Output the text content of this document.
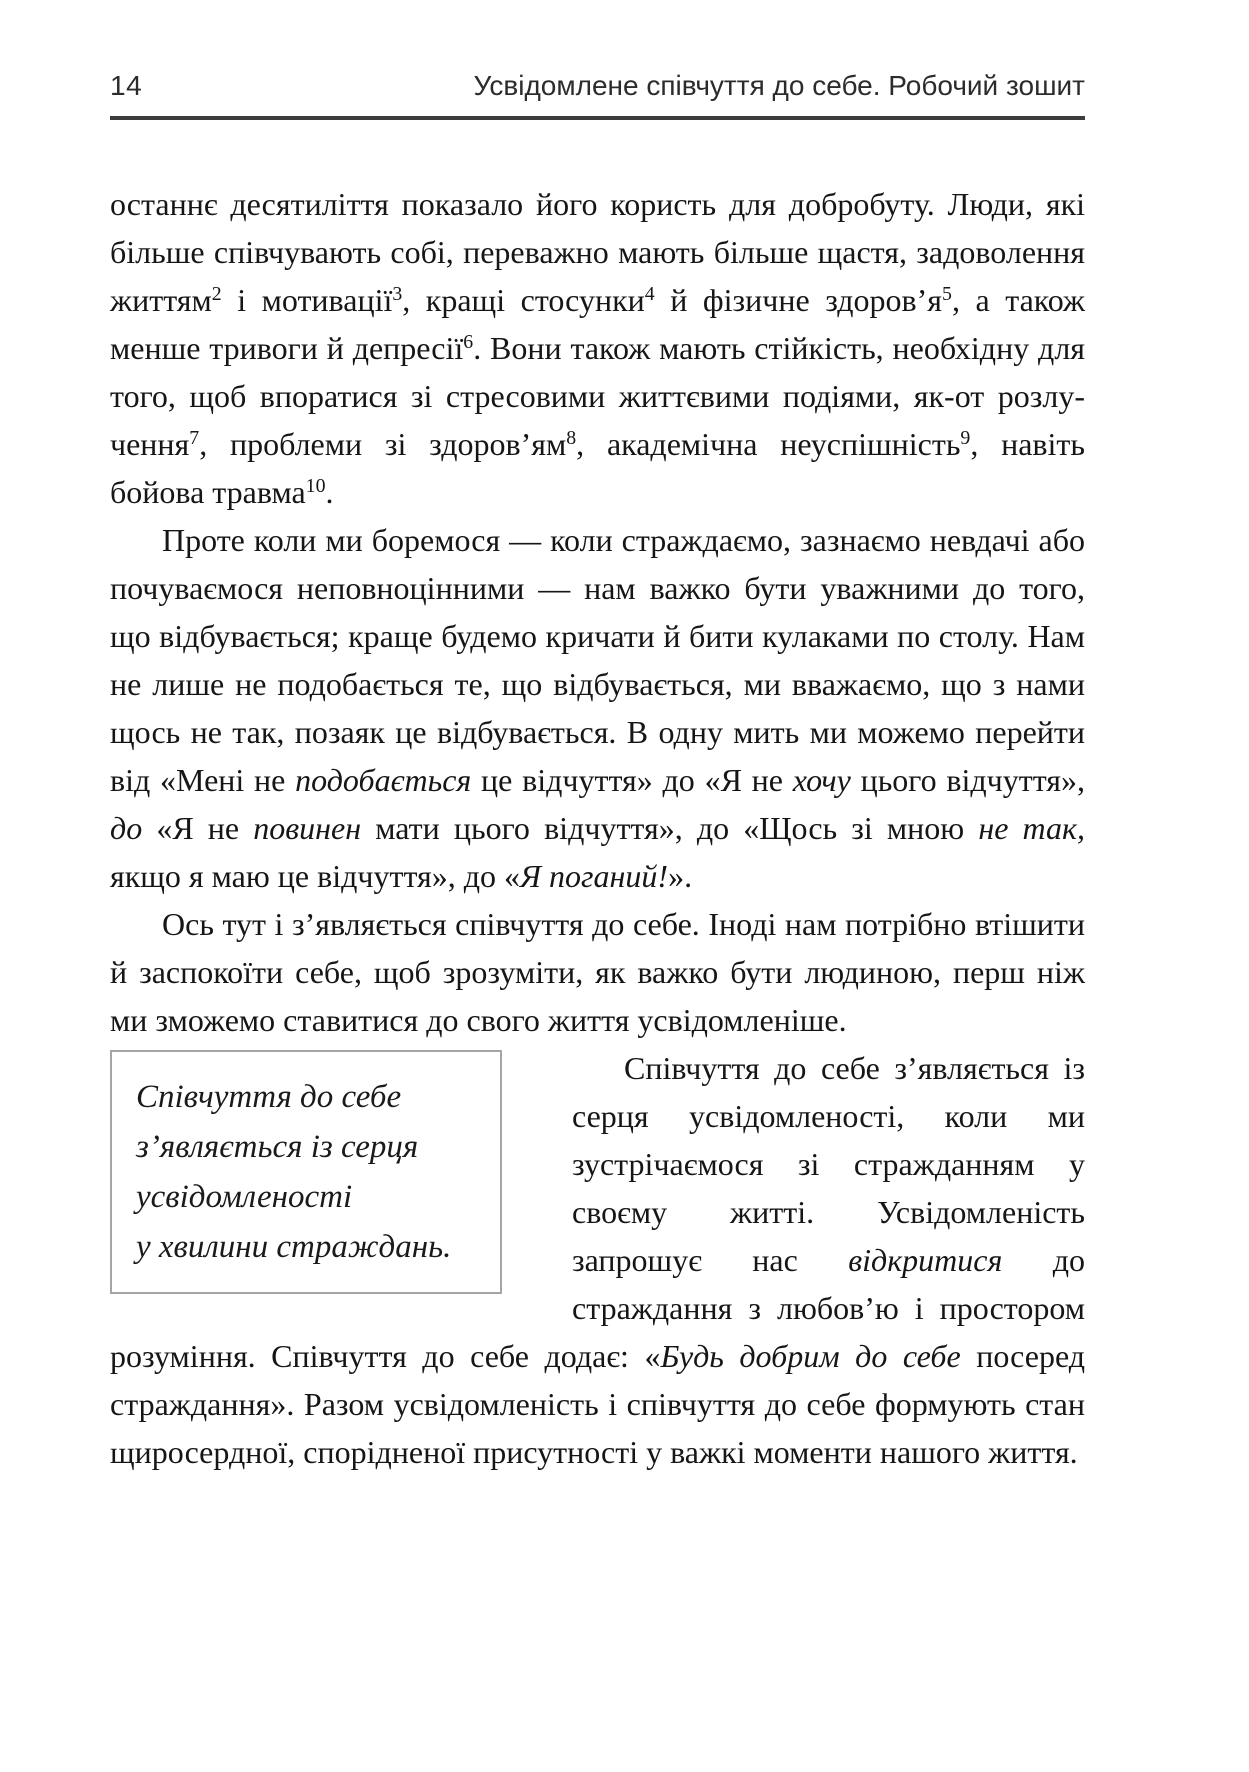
14	Усвідомлене співчуття до себе. Робочий зошит
останнє десятиліття показало його користь для добробуту. Люди, які більше співчувають собі, переважно мають більше щастя, задоволення життям$^2$ і мотивації$^3$, кращі стосунки$^4$ й фізичне здоров’я$^5$, а також менше тривоги й депресії$^6$. Вони також мають стійкість, необхідну для того, щоб впоратися зі стресовими життєвими подіями, як-от розлучення$^7$, проблеми зі здоров’ям$^8$, академічна неуспішність$^9$, навіть бойова травма$^{10}$.
Проте коли ми боремося — коли страждаємо, зазнаємо невдачі або почуваємося неповноцінними — нам важко бути уважними до того, що відбувається; краще будемо кричати й бити кулаками по столу. Нам не лише не подобається те, що відбувається, ми вважаємо, що з нами щось не так, позаяк це відбувається. В одну мить ми можемо перейти від «Мені не подобається це відчуття» до «Я не хочу цього відчуття», до «Я не повинен мати цього відчуття», до «Щось зі мною не так, якщо я маю це відчуття», до «Я поганий!».
Ось тут і з’являється співчуття до себе. Іноді нам потрібно втішити й заспокоїти себе, щоб зрозуміти, як важко бути людиною, перш ніж ми зможемо ставитися до свого життя
Співчуття до себе
з’являється із серця
усвідомленості
у хвилини страждань.
усвідомленіше.
Співчуття до себе з’являється із серця усвідомленості, коли ми зустрічаємося зі стражданням у своєму житті. Усвідомленість запрошує нас відкритися до страждання з любов’ю і простором розуміння. Співчуття до себе додає: «Будь добрим до себе посеред страждання». Разом усвідомленість і співчуття до себе формують стан щиросердної, спорідненої присутності у важкі моменти нашого життя.
